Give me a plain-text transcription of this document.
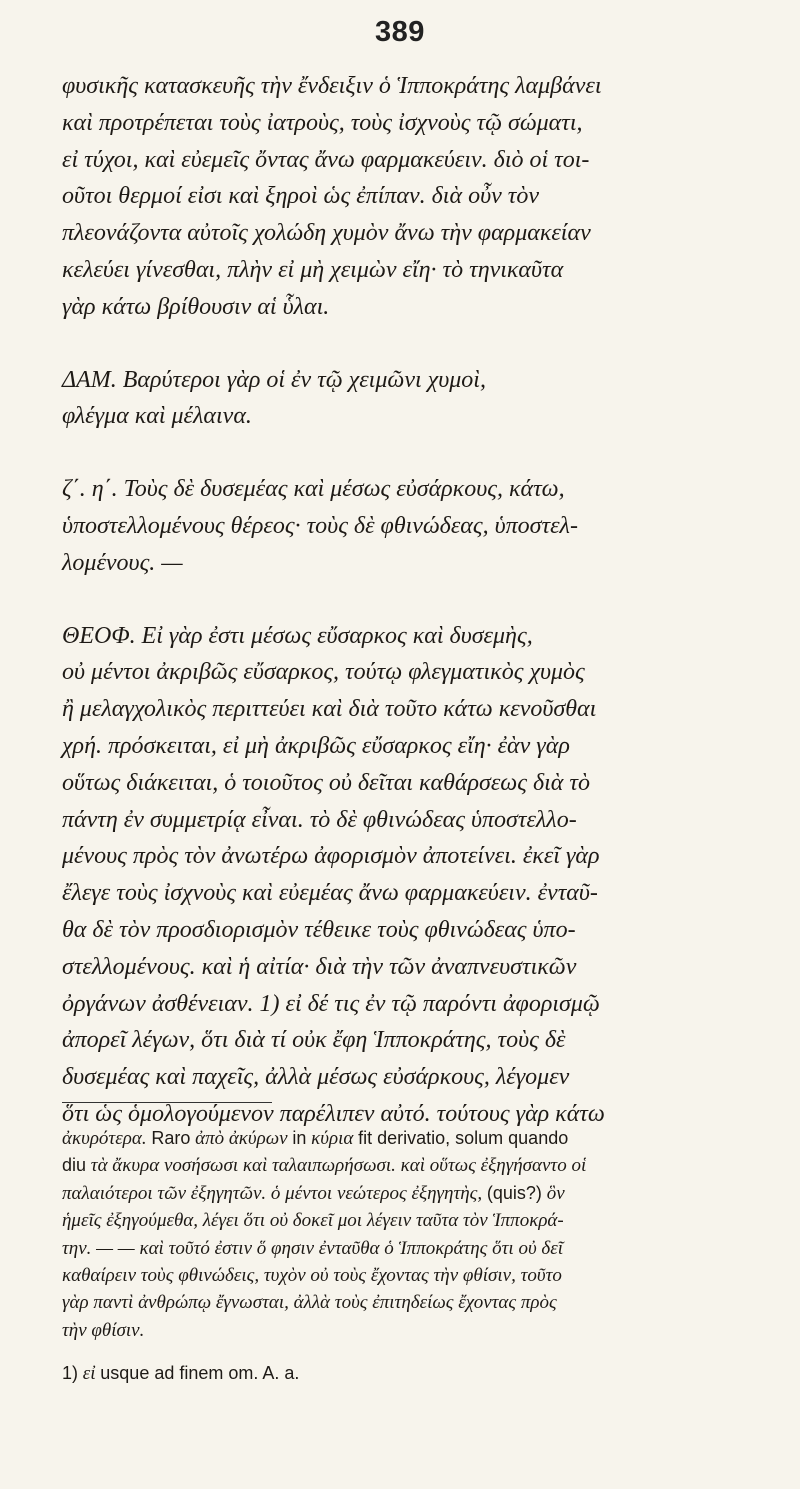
389
φυσικῆς κατασκευῆς τὴν ἔνδειξιν ὁ Ἱπποκράτης λαμβάνει
καὶ προτρέπεται τοὺς ἰατροὺς, τοὺς ἰσχνοὺς τῷ σώματι,
εἰ τύχοι, καὶ εὐεμεῖς ὄντας ἄνω φαρμακεύειν. διὸ οἱ τοι-
οῦτοι θερμοί εἰσι καὶ ξηροὶ ὡς ἐπίπαν. διὰ οὖν τὸν
πλεονάζοντα αὐτοῖς χολώδη χυμὸν ἄνω τὴν φαρμακείαν
κελεύει γίνεσθαι, πλὴν εἰ μὴ χειμὼν εἴη· τὸ τηνικαῦτα
γὰρ κάτω βρίθουσιν αἱ ὗλαι.
ΔΑΜ. Βαρύτεροι γὰρ οἱ ἐν τῷ χειμῶνι χυμοὶ,
φλέγμα καὶ μέλαινα.
ζ΄. η΄. Τοὺς δὲ δυσεμέας καὶ μέσως εὐσάρκους, κάτω,
ὑποστελλομένους θέρεος· τοὺς δὲ φθινώδεας, ὑποστελ-
λομένους. —
ΘΕΟΦ. Εἰ γὰρ ἐστι μέσως εὔσαρκος καὶ δυσεμὴς,
οὐ μέντοι ἀκριβῶς εὔσαρκος, τούτῳ φλεγματικὸς χυμὸς
ἢ μελαγχολικὸς περιττεύει καὶ διὰ τοῦτο κάτω κενοῦσθαι
χρή. πρόσκειται, εἰ μὴ ἀκριβῶς εὔσαρκος εἴη· ἐὰν γὰρ
οὕτως διάκειται, ὁ τοιοῦτος οὐ δεῖται καθάρσεως διὰ τὸ
πάντη ἐν συμμετρίᾳ εἶναι. τὸ δὲ φθινώδεας ὑποστελλο-
μένους πρὸς τὸν ἀνωτέρω ἀφορισμὸν ἀποτείνει. ἐκεῖ γὰρ
ἔλεγε τοὺς ἰσχνοὺς καὶ εὐεμέας ἄνω φαρμακεύειν. ἐνταῦ-
θα δὲ τὸν προσδιορισμὸν τέθεικε τοὺς φθινώδεας ὑπο-
στελλομένους. καὶ ἡ αἰτία· διὰ τὴν τῶν ἀναπνευστικῶν
ὀργάνων ἀσθένειαν. 1) εἰ δέ τις ἐν τῷ παρόντι ἀφορισμῷ
ἀπορεῖ λέγων, ὅτι διὰ τί οὐκ ἔφη Ἱπποκράτης, τοὺς δὲ
δυσεμέας καὶ παχεῖς, ἀλλὰ μέσως εὐσάρκους, λέγομεν
ὅτι ὡς ὁμολογούμενον παρέλιπεν αὐτό. τούτους γὰρ κάτω
ἀκυρότερα. Raro ἀπὸ ἀκύρων in κύρια fit derivatio, solum quando
diu τὰ ἄκυρα νοσήσωσι καὶ ταλαιπωρήσωσι. καὶ οὕτως ἐξηγήσαντο οἱ
παλαιότεροι τῶν ἐξηγητῶν. ὁ μέντοι νεώτερος ἐξηγητὴς, (quis?) ὃν
ἡμεῖς ἐξηγούμεθα, λέγει ὅτι οὐ δοκεῖ μοι λέγειν ταῦτα τὸν Ἱπποκρά-
την. — — καὶ τοῦτό ἐστιν ὅ φησιν ἐνταῦθα ὁ Ἱπποκράτης ὅτι οὐ δεῖ
καθαίρειν τοὺς φθινώδεις, τυχὸν οὐ τοὺς ἔχοντας τὴν φθίσιν, τοῦτο
γὰρ παντὶ ἀνθρώπῳ ἔγνωσται, ἀλλὰ τοὺς ἐπιτηδείως ἔχοντας πρὸς
τὴν φθίσιν.
1) εἰ usque ad finem om. A. a.
